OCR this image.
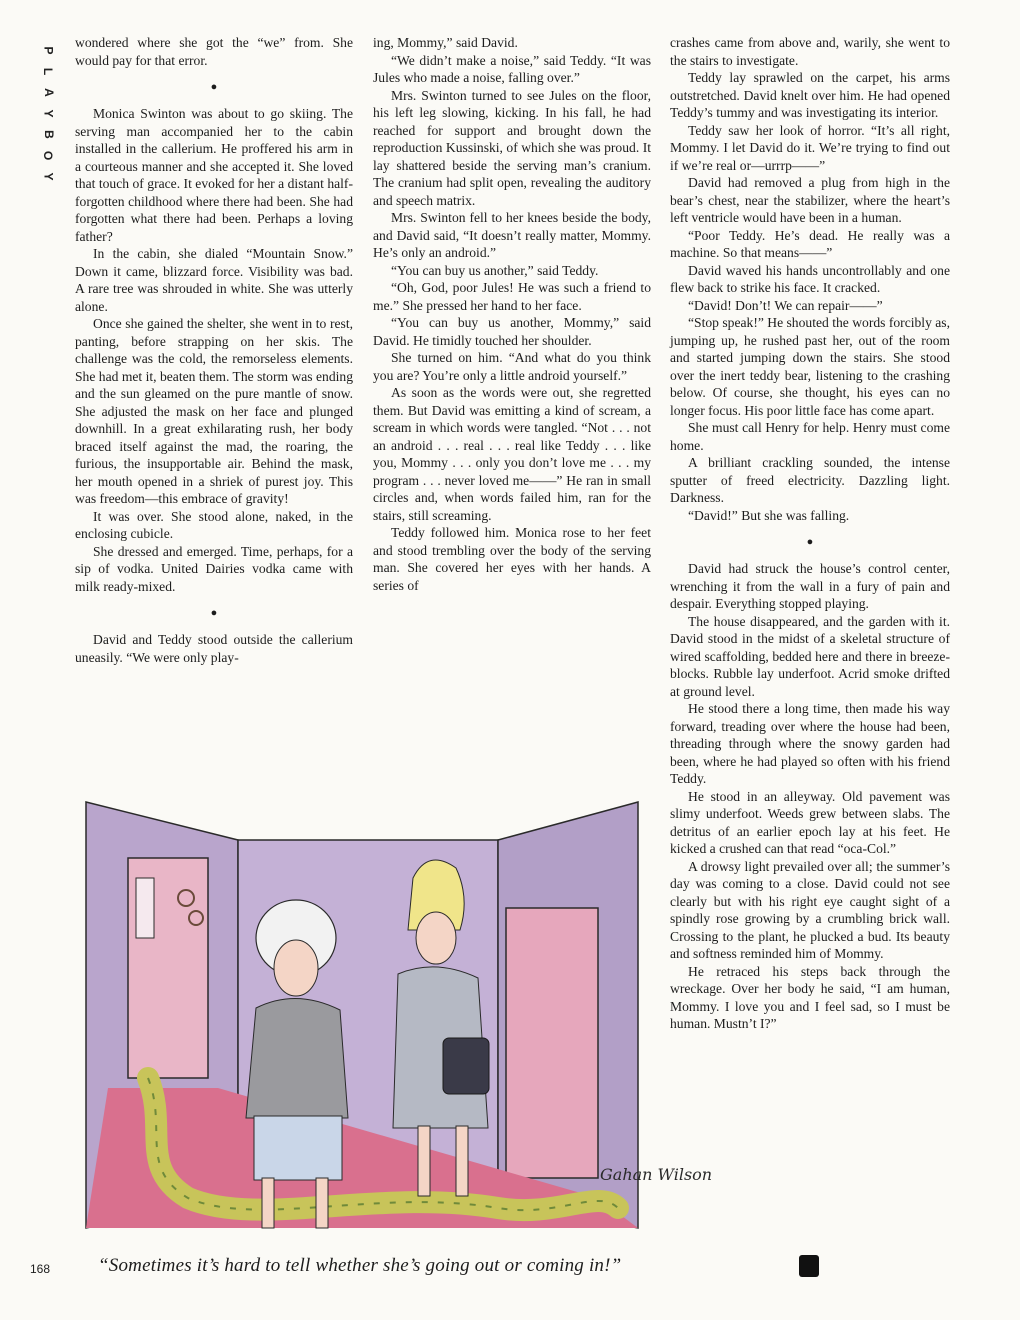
P
L
A
Y
B
O
Y

wondered where she got the “we” from. She would pay for that error.

●

Monica Swinton was about to go skiing. The serving man accompanied her to the cabin installed in the callerium. He proffered his arm in a courteous manner and she accepted it. She loved that touch of grace. It evoked for her a distant half-forgotten childhood where there had been. She had forgotten what there had been. Perhaps a loving father?

In the cabin, she dialed “Mountain Snow.” Down it came, blizzard force. Visibility was bad. A rare tree was shrouded in white. She was utterly alone.

Once she gained the shelter, she went in to rest, panting, before strapping on her skis. The challenge was the cold, the remorseless elements. She had met it, beaten them. The storm was ending and the sun gleamed on the pure mantle of snow. She adjusted the mask on her face and plunged downhill. In a great exhilarating rush, her body braced itself against the mad, the roaring, the furious, the insupportable air. Behind the mask, her mouth opened in a shriek of purest joy. This was freedom—this embrace of gravity!

It was over. She stood alone, naked, in the enclosing cubicle.

She dressed and emerged. Time, perhaps, for a sip of vodka. United Dairies vodka came with milk ready-mixed.

●

David and Teddy stood outside the callerium uneasily. “We were only play-

ing, Mommy,” said David.

“We didn’t make a noise,” said Teddy. “It was Jules who made a noise, falling over.”

Mrs. Swinton turned to see Jules on the floor, his left leg slowing, kicking. In his fall, he had reached for support and brought down the reproduction Kussinski, of which she was proud. It lay shattered beside the serving man’s cranium. The cranium had split open, revealing the auditory and speech matrix.

Mrs. Swinton fell to her knees beside the body, and David said, “It doesn’t really matter, Mommy. He’s only an android.”

“You can buy us another,” said Teddy.

“Oh, God, poor Jules! He was such a friend to me.” She pressed her hand to her face.

“You can buy us another, Mommy,” said David. He timidly touched her shoulder.

She turned on him. “And what do you think you are? You’re only a little android yourself.”

As soon as the words were out, she regretted them. But David was emitting a kind of scream, a scream in which words were tangled. “Not . . . not an android . . . real . . . real like Teddy . . . like you, Mommy . . . only you don’t love me . . . my program . . . never loved me——” He ran in small circles and, when words failed him, ran for the stairs, still screaming.

Teddy followed him. Monica rose to her feet and stood trembling over the body of the serving man. She covered her eyes with her hands. A series of

crashes came from above and, warily, she went to the stairs to investigate.

Teddy lay sprawled on the carpet, his arms outstretched. David knelt over him. He had opened Teddy’s tummy and was investigating its interior.

Teddy saw her look of horror. “It’s all right, Mommy. I let David do it. We’re trying to find out if we’re real or—urrrp——”

David had removed a plug from high in the bear’s chest, near the stabilizer, where the heart’s left ventricle would have been in a human.

“Poor Teddy. He’s dead. He really was a machine. So that means——”

David waved his hands uncontrollably and one flew back to strike his face. It cracked.

“David! Don’t! We can repair——”

“Stop speak!” He shouted the words forcibly as, jumping up, he rushed past her, out of the room and started jumping down the stairs. She stood over the inert teddy bear, listening to the crashing below. Of course, she thought, his eyes can no longer focus. His poor little face has come apart.

She must call Henry for help. Henry must come home.

A brilliant crackling sounded, the intense sputter of freed electricity. Dazzling light. Darkness.

“David!” But she was falling.

●

David had struck the house’s control center, wrenching it from the wall in a fury of pain and despair. Everything stopped playing.

The house disappeared, and the garden with it. David stood in the midst of a skeletal structure of wired scaffolding, bedded here and there in breeze-blocks. Rubble lay underfoot. Acrid smoke drifted at ground level.

He stood there a long time, then made his way forward, treading over where the house had been, threading through where the snowy garden had been, where he had played so often with his friend Teddy.

He stood in an alleyway. Old pavement was slimy underfoot. Weeds grew between slabs. The detritus of an earlier epoch lay at his feet. He kicked a crushed can that read “oca-Col.”

A drowsy light prevailed over all; the summer’s day was coming to a close. David could not see clearly but with his right eye caught sight of a spindly rose growing by a crumbling brick wall. Crossing to the plant, he plucked a bud. Its beauty and softness reminded him of Mommy.

He retraced his steps back through the wreckage. Over her body he said, “I am human, Mommy. I love you and I feel sad, so I must be human. Mustn’t I?”

Gahan Wilson
“Sometimes it’s hard to tell whether she’s going out or coming in!”
168
